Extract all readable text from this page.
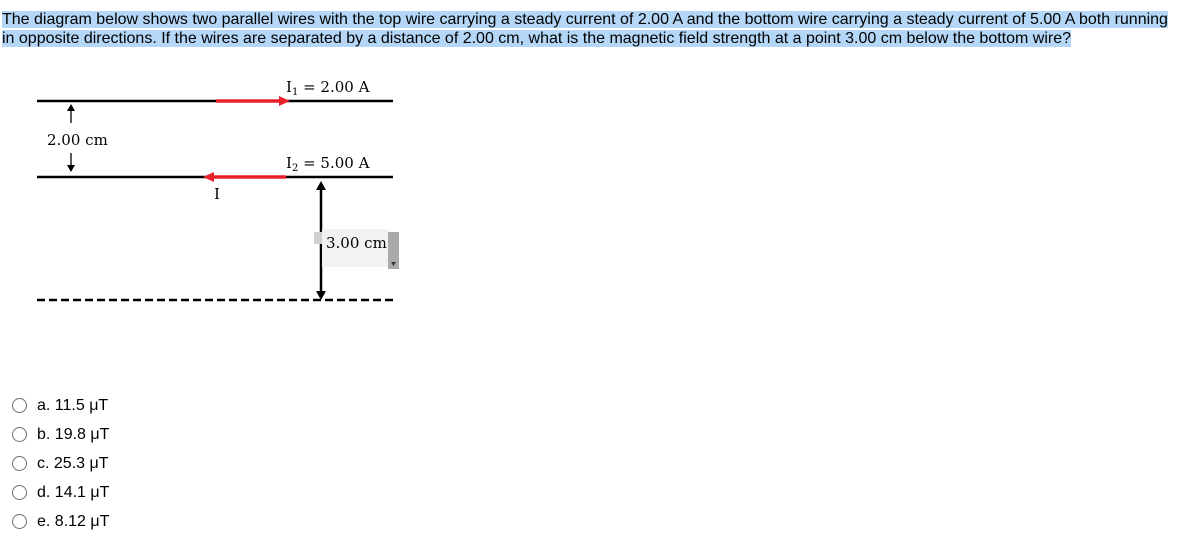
The diagram below shows two parallel wires with the top wire carrying a steady current of 2.00 A and the bottom wire carrying a steady current of 5.00 A both running in opposite directions. If the wires are separated by a distance of 2.00 cm, what is the magnetic field strength at a point 3.00 cm below the bottom wire?

2.00 cm
$I_1 = 2.00$ A
$I_2 = 5.00$ A
I
3.00 cm
a. 11.5 μT
b. 19.8 μT
c. 25.3 μT
d. 14.1 μT
e. 8.12 μT
